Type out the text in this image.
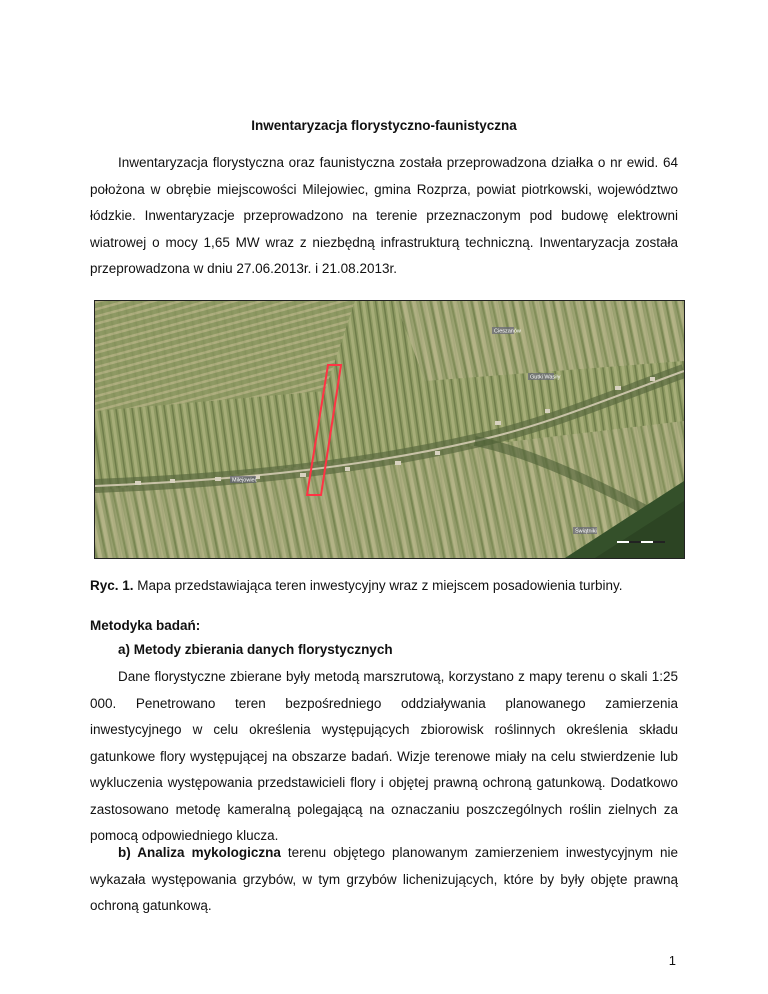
Inwentaryzacja florystyczno-faunistyczna

Inwentaryzacja florystyczna oraz faunistyczna została przeprowadzona działka o nr ewid. 64 położona w obrębie miejscowości Milejowiec, gmina Rozprza, powiat piotrkowski, województwo łódzkie. Inwentaryzacje przeprowadzono na terenie przeznaczonym pod budowę elektrowni wiatrowej o mocy 1,65 MW wraz z niezbędną infrastrukturą techniczną. Inwentaryzacja została przeprowadzona w dniu 27.06.2013r. i 21.08.2013r.

Cieszanów
Gutki Wasiły
Milejowiec
Świątniki
Ryc. 1. Mapa przedstawiająca teren inwestycyjny wraz z miejscem posadowienia turbiny.
Metodyka badań:
a) Metody zbierania danych florystycznych

Dane florystyczne zbierane były metodą marszrutową, korzystano z mapy terenu o skali 1:25 000. Penetrowano teren bezpośredniego oddziaływania planowanego zamierzenia inwestycyjnego w celu określenia występujących zbiorowisk roślinnych określenia składu gatunkowe flory występującej na obszarze badań. Wizje terenowe miały na celu stwierdzenie lub wykluczenia występowania przedstawicieli flory i objętej prawną ochroną gatunkową. Dodatkowo zastosowano metodę kameralną polegającą na oznaczaniu poszczególnych roślin zielnych za pomocą odpowiedniego klucza.

b) Analiza mykologiczna terenu objętego planowanym zamierzeniem inwestycyjnym nie wykazała występowania grzybów, w tym grzybów lichenizujących, które by były objęte prawną ochroną gatunkową.

1
